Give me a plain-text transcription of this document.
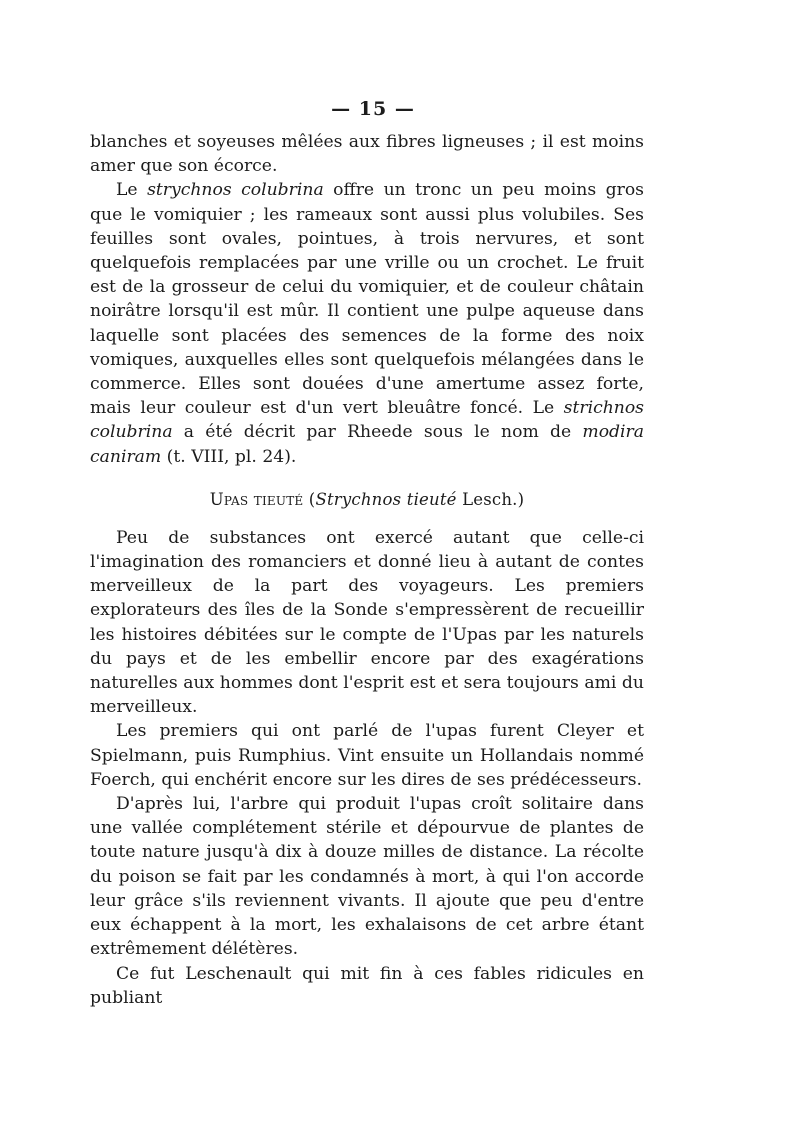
— 15 —

blanches et soyeuses mêlées aux fibres ligneuses ; il est moins amer que son écorce.

Le strychnos colubrina offre un tronc un peu moins gros que le vomiquier ; les rameaux sont aussi plus volubiles. Ses feuilles sont ovales, pointues, à trois nervures, et sont quelquefois remplacées par une vrille ou un crochet. Le fruit est de la grosseur de celui du vomiquier, et de couleur châtain noirâtre lorsqu'il est mûr. Il contient une pulpe aqueuse dans laquelle sont placées des semences de la forme des noix vomiques, auxquelles elles sont quelquefois mélangées dans le commerce. Elles sont douées d'une amertume assez forte, mais leur couleur est d'un vert bleuâtre foncé. Le strichnos colubrina a été décrit par Rheede sous le nom de modira caniram (t. VIII, pl. 24).

Upas tieuté (Strychnos tieuté Lesch.)

Peu de substances ont exercé autant que celle-ci l'imagination des romanciers et donné lieu à autant de contes merveilleux de la part des voyageurs. Les premiers explorateurs des îles de la Sonde s'empressèrent de recueillir les histoires débitées sur le compte de l'Upas par les naturels du pays et de les embellir encore par des exagérations naturelles aux hommes dont l'esprit est et sera toujours ami du merveilleux.

Les premiers qui ont parlé de l'upas furent Cleyer et Spielmann, puis Rumphius. Vint ensuite un Hollandais nommé Foerch, qui enchérit encore sur les dires de ses prédécesseurs.

D'après lui, l'arbre qui produit l'upas croît solitaire dans une vallée complétement stérile et dépourvue de plantes de toute nature jusqu'à dix à douze milles de distance. La récolte du poison se fait par les condamnés à mort, à qui l'on accorde leur grâce s'ils reviennent vivants. Il ajoute que peu d'entre eux échappent à la mort, les exhalaisons de cet arbre étant extrêmement délétères.

Ce fut Leschenault qui mit fin à ces fables ridicules en publiant
